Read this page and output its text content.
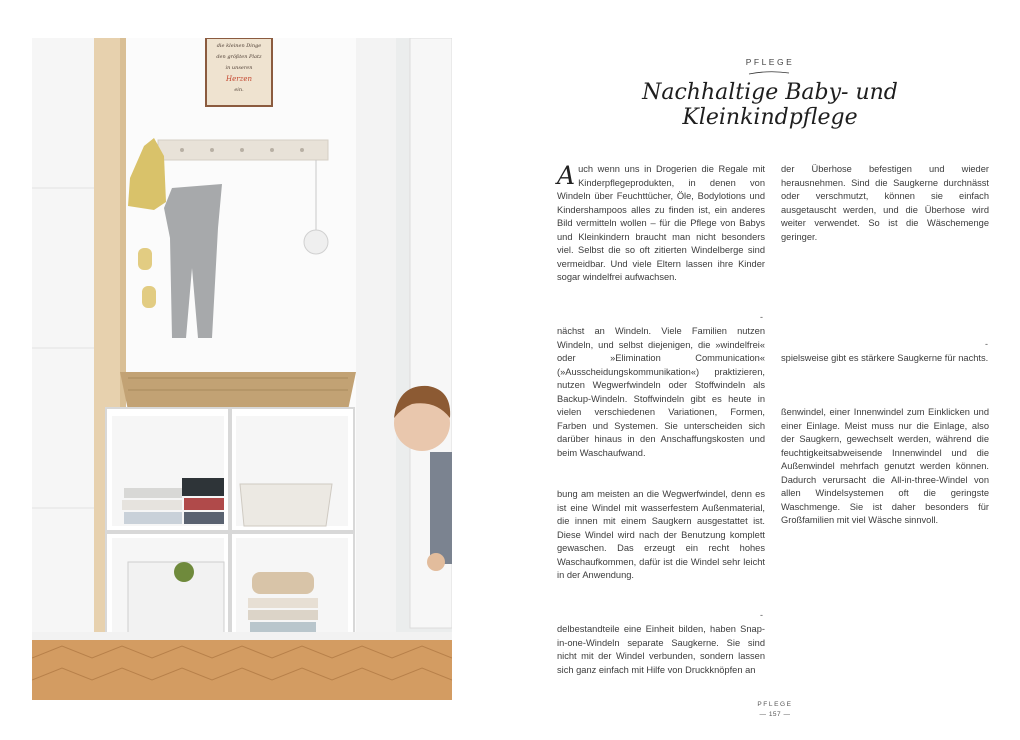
die kleinen Dinge
den größten Platz
in unseren
Herzen
ein.
PFLEGE
Nachhaltige Baby- und Kleinkindpflege

Auch wenn uns in Drogerien die Regale mit Kinderpflegeprodukten, in denen von Windeln über Feuchttücher, Öle, Bodylotions und Kindershampoos alles zu finden ist, ein anderes Bild vermitteln wollen – für die Pflege von Babys und Kleinkindern braucht man nicht besonders viel. Selbst die so oft zitierten Windelberge sind vermeidbar. Und viele Eltern lassen ihre Kinder sogar windelfrei aufwachsen.

-

nächst an Windeln. Viele Familien nutzen Windeln, und selbst diejenigen, die »windelfrei« oder »Elimination Communication« (»Ausscheidungskommunikation«) praktizieren, nutzen Wegwerfwindeln oder Stoffwindeln als Backup-Windeln. Stoffwindeln gibt es heute in vielen verschiedenen Variationen, Formen, Farben und Systemen. Sie unterscheiden sich darüber hinaus in den Anschaffungskosten und beim Waschaufwand.

bung am meisten an die Wegwerfwindel, denn es ist eine Windel mit wasserfestem Außenmaterial, die innen mit einem Saugkern ausgestattet ist. Diese Windel wird nach der Benutzung komplett gewaschen. Das erzeugt ein recht hohes Waschaufkommen, dafür ist die Windel sehr leicht in der Anwendung.

-

delbestandteile eine Einheit bilden, haben Snap-in-one-Windeln separate Saugkerne. Sie sind nicht mit der Windel verbunden, sondern lassen sich ganz einfach mit Hilfe von Druckknöpfen an

der Überhose befestigen und wieder herausnehmen. Sind die Saugkerne durchnässt oder verschmutzt, können sie einfach ausgetauscht werden, und die Überhose wird weiter verwendet. So ist die Wäschemenge geringer.

-

spielsweise gibt es stärkere Saugkerne für nachts.

ßenwindel, einer Innenwindel zum Einklicken und einer Einlage. Meist muss nur die Einlage, also der Saugkern, gewechselt werden, während die feuchtigkeitsabweisende Innenwindel und die Außenwindel mehrfach genutzt werden können. Dadurch verursacht die All-in-three-Windel von allen Windelsystemen oft die geringste Waschmenge. Sie ist daher besonders für Großfamilien mit viel Wäsche sinnvoll.

PFLEGE
— 157 —
